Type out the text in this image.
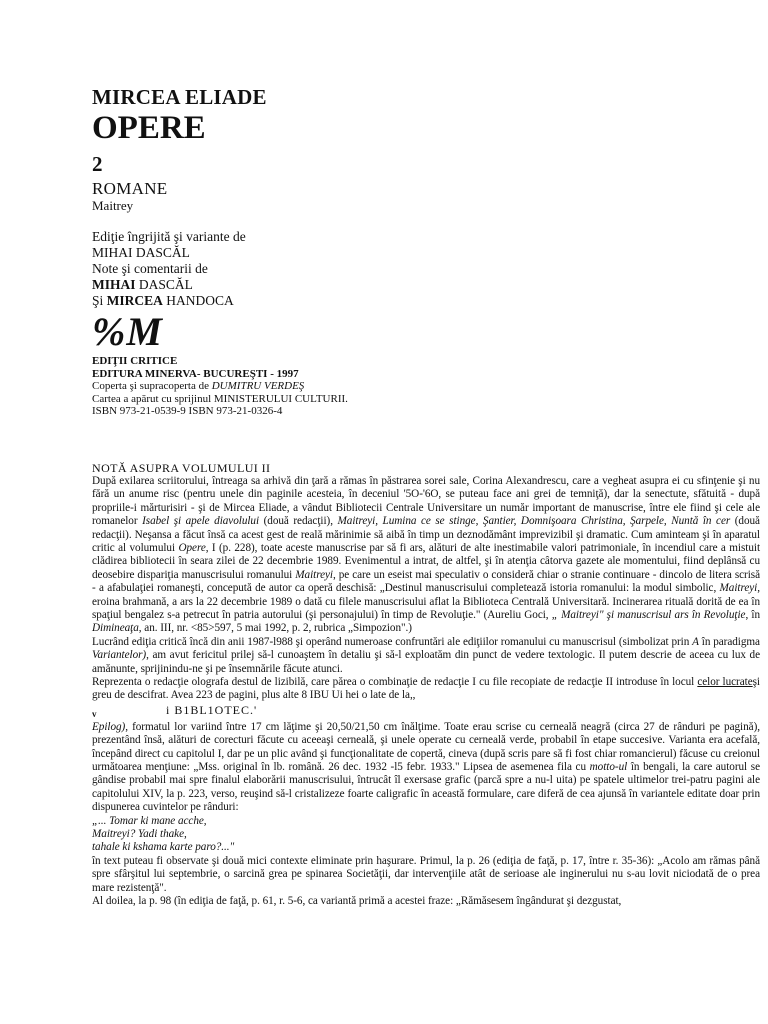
MIRCEA ELIADE
OPERE
2
ROMANE
Maitrey
Ediţie îngrijită şi variante de
MIHAI DASCĂL
Note şi comentarii de
MIHAI DASCĂL
Şi MIRCEA HANDOCA
%M
EDIŢII CRITICE
EDITURA MINERVA- BUCUREŞTI - 1997
Coperta şi supracoperta de DUMITRU VERDEŞ
Cartea a apărut cu sprijinul MINISTERULUI CULTURII.
ISBN 973-21-0539-9 ISBN 973-21-0326-4

NOTĂ ASUPRA VOLUMULUI II

După exilarea scriitorului, întreaga sa arhivă din ţară a rămas în păstrarea sorei sale, Corina Alexandrescu, care a vegheat asupra ei cu sfinţenie şi nu fără un anume risc (pentru unele din paginile acesteia, în deceniul '5O-'6O, se puteau face ani grei de temniţă), dar la senectute, sfătuită - după propriile-i mărturisiri - şi de Mircea Eliade, a vândut Bibliotecii Centrale Universitare un număr important de manuscrise, între ele fiind şi cele ale romanelor Isabel şi apele diavolului (două redacţii), Maitreyi, Lumina ce se stinge, Şantier, Domnişoara Christina, Şarpele, Nuntă în cer (două redacţii). Neşansa a făcut însă ca acest gest de reală mărinimie să aibă în timp un deznodământ imprevizibil şi dramatic. Cum aminteam şi în aparatul critic al volumului Opere, I (p. 228), toate aceste manuscrise par să fi ars, alături de alte inestimabile valori patrimoniale, în incendiul care a mistuit clădirea bibliotecii în seara zilei de 22 decembrie 1989. Evenimentul a intrat, de altfel, şi în atenţia câtorva gazete ale momentului, fiind deplânsă cu deosebire dispariţia manuscrisului romanului Maitreyi, pe care un eseist mai speculativ o consideră chiar o stranie continuare - dincolo de litera scrisă - a afabulaţiei romaneşti, concepută de autor ca operă deschisă: „Destinul manuscrisului completează istoria romanului: la modul simbolic, Maitreyi, eroina brahmană, a ars la 22 decembrie 1989 o dată cu filele manuscrisului aflat la Biblioteca Centrală Universitară. Incinerarea rituală dorită de ea în spaţiul bengalez s-a petrecut în patria autorului (şi personajului) în timp de Revoluţie." (Aureliu Goci, „ Maitreyi" şi manuscrisul ars în Revoluţie, în Dimineaţa, an. III, nr. <85>597, 5 mai 1992, p. 2, rubrica „Simpozion".)

Lucrând ediţia critică încă din anii 1987-l988 şi operând numeroase confruntări ale ediţiilor romanului cu manuscrisul (simbolizat prin A în paradigma Variantelor), am avut fericitul prilej să-l cunoaştem în detaliu şi să-l exploatăm din punct de vedere textologic. Il putem descrie de aceea cu lux de amănunte, sprijinindu-ne şi pe însemnările făcute atunci.

Reprezenta o redacţie olografa destul de lizibilă, care părea o combinaţie de redacţie I cu file recopiate de redacţie II introduse în locul celor lucrateşi greu de descifrat. Avea 223 de pagini, plus alte 8 IBU Ui hei o late de la,,

v	i B1BL1OTEC.'

Epilog), formatul lor variind între 17 cm lăţime şi 20,50/21,50 cm înălţime. Toate erau scrise cu cerneală neagră (circa 27 de rânduri pe pagină), prezentând însă, alături de corecturi făcute cu aceeaşi cerneală, şi unele operate cu cerneală verde, probabil în etape succesive. Varianta era acefală, începând direct cu capitolul I, dar pe un plic având şi funcţionalitate de copertă, cineva (după scris pare să fi fost chiar romancierul) făcuse cu creionul următoarea menţiune: „Mss. original în lb. română. 26 dec. 1932 -l5 febr. 1933." Lipsea de asemenea fila cu motto-ul în bengali, la care autorul se gândise probabil mai spre finalul elaborării manuscrisului, întrucât îl exersase grafic (parcă spre a nu-l uita) pe spatele ultimelor trei-patru pagini ale capitolului XIV, la p. 223, verso, reuşind să-l cristalizeze foarte caligrafic în această formulare, care diferă de cea ajunsă în variantele editate doar prin dispunerea cuvintelor pe rânduri:

„... Tomar ki mane acche,
Maitreyi? Yadi thake,
tahale ki kshama karte paro?..."

în text puteau fi observate şi două mici contexte eliminate prin haşurare. Primul, la p. 26 (ediţia de faţă, p. 17, între r. 35-36): „Acolo am rămas până spre sfârşitul lui septembrie, o sarcină grea pe spinarea Societăţii, dar intervenţiile atât de serioase ale inginerului nu s-au lovit niciodată de o prea mare rezistenţă".

Al doilea, la p. 98 (în ediţia de faţă, p. 61, r. 5-6, ca variantă primă a acestei fraze: „Rămăsesem îngândurat şi dezgustat,
